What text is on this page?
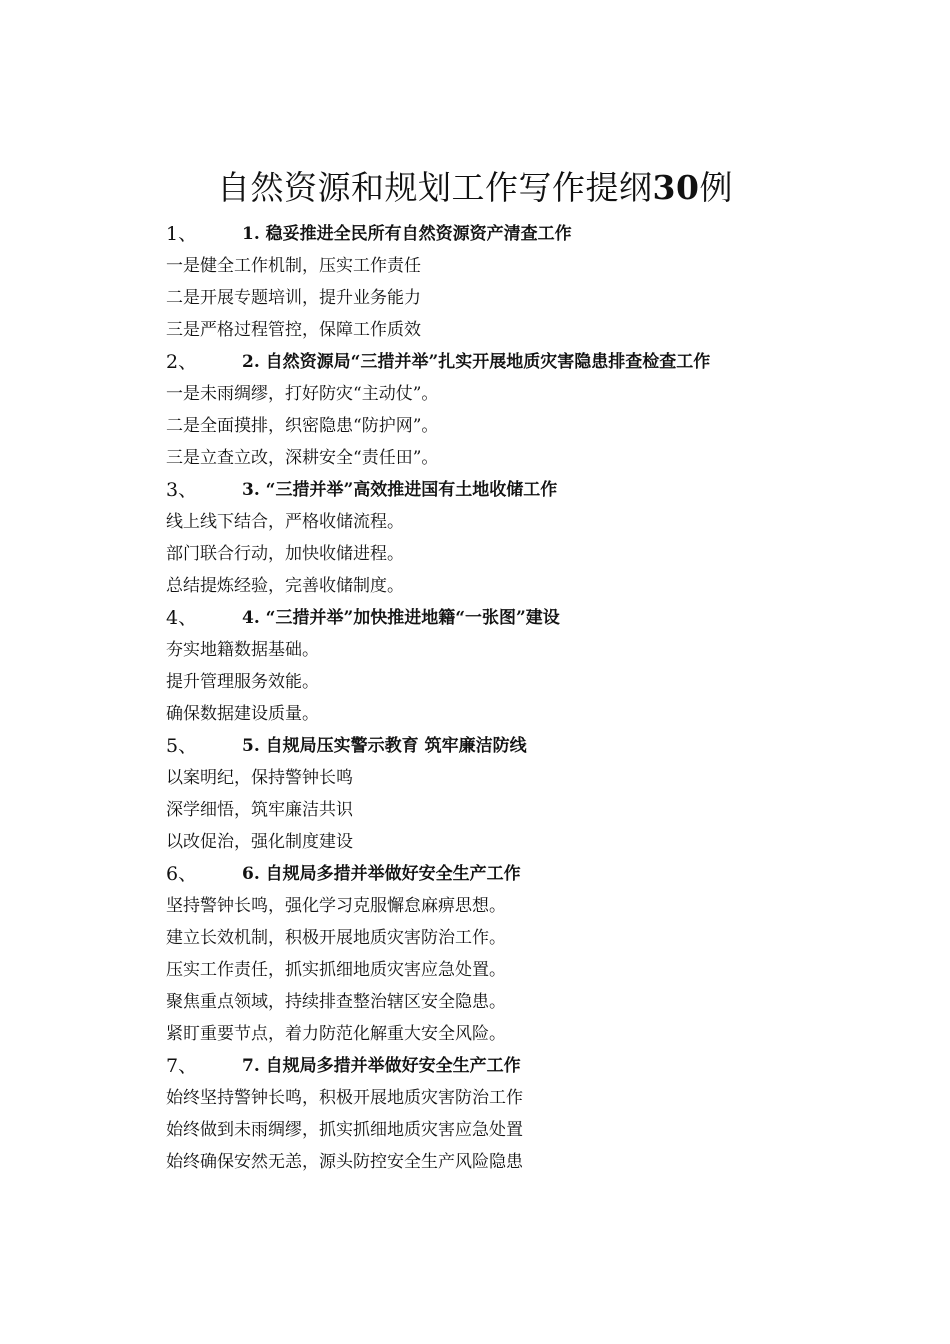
自然资源和规划工作写作提纲30例
1、	1. 稳妥推进全民所有自然资源资产清查工作
一是健全工作机制，压实工作责任
二是开展专题培训，提升业务能力
三是严格过程管控，保障工作质效
2、	2. 自然资源局“三措并举”扎实开展地质灾害隐患排查检查工作
一是未雨绸缪，打好防灾“主动仗”。
二是全面摸排，织密隐患“防护网”。
三是立查立改，深耕安全“责任田”。
3、	3. “三措并举”高效推进国有土地收储工作
线上线下结合，严格收储流程。
部门联合行动，加快收储进程。
总结提炼经验，完善收储制度。
4、	4. “三措并举”加快推进地籍“一张图”建设
夯实地籍数据基础。
提升管理服务效能。
确保数据建设质量。
5、	5. 自规局压实警示教育 筑牢廉洁防线
以案明纪，保持警钟长鸣
深学细悟，筑牢廉洁共识
以改促治，强化制度建设
6、	6. 自规局多措并举做好安全生产工作
坚持警钟长鸣，强化学习克服懈怠麻痹思想。
建立长效机制，积极开展地质灾害防治工作。
压实工作责任，抓实抓细地质灾害应急处置。
聚焦重点领域，持续排查整治辖区安全隐患。
紧盯重要节点，着力防范化解重大安全风险。
7、	7. 自规局多措并举做好安全生产工作
始终坚持警钟长鸣，积极开展地质灾害防治工作
始终做到未雨绸缪，抓实抓细地质灾害应急处置
始终确保安然无恙，源头防控安全生产风险隐患
